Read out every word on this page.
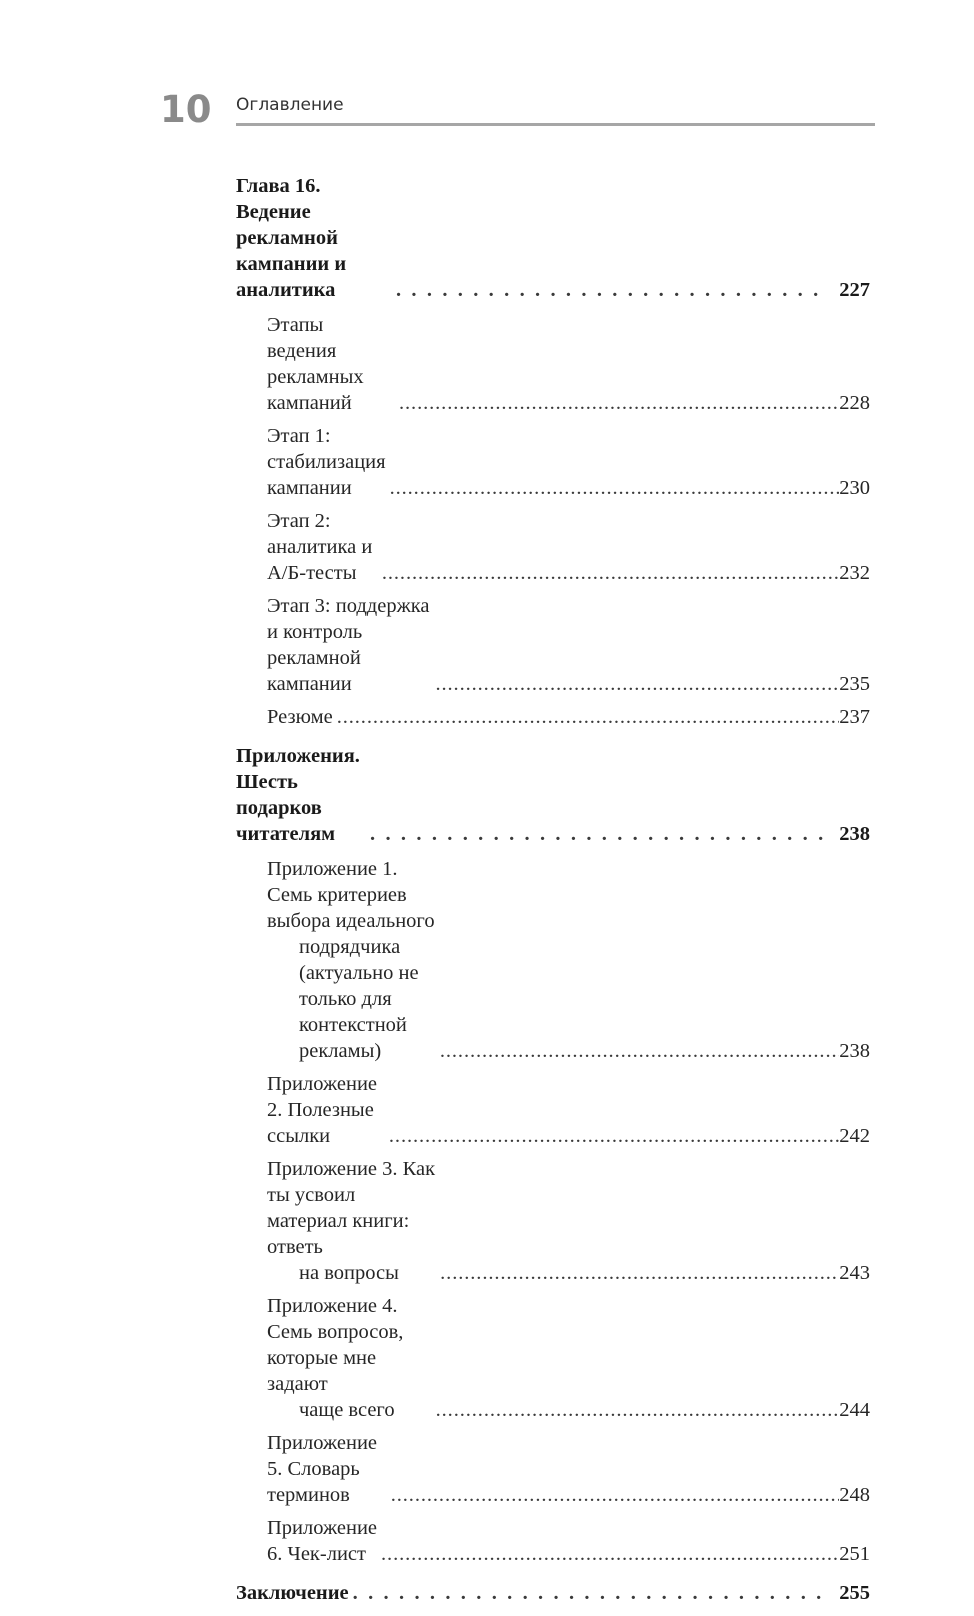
10 Оглавление
Глава 16. Ведение рекламной кампании и аналитика . . .	227
Этапы ведения рекламных кампаний .....	228
Этап 1: стабилизация кампании .....	230
Этап 2: аналитика и А/Б-тесты .....	232
Этап 3: поддержка и контроль рекламной кампании .....	235
Резюме .....	237
Приложения. Шесть подарков читателям . . .	238
Приложение 1. Семь критериев выбора идеального
подрядчика (актуально не только для контекстной
рекламы) .....	238
Приложение 2. Полезные ссылки .....	242
Приложение 3. Как ты усвоил материал книги: ответь
на вопросы .....	243
Приложение 4. Семь вопросов, которые мне задают
чаще всего .....	244
Приложение 5. Словарь терминов .....	248
Приложение 6. Чек-лист .....	251
Заключение . . .	255
